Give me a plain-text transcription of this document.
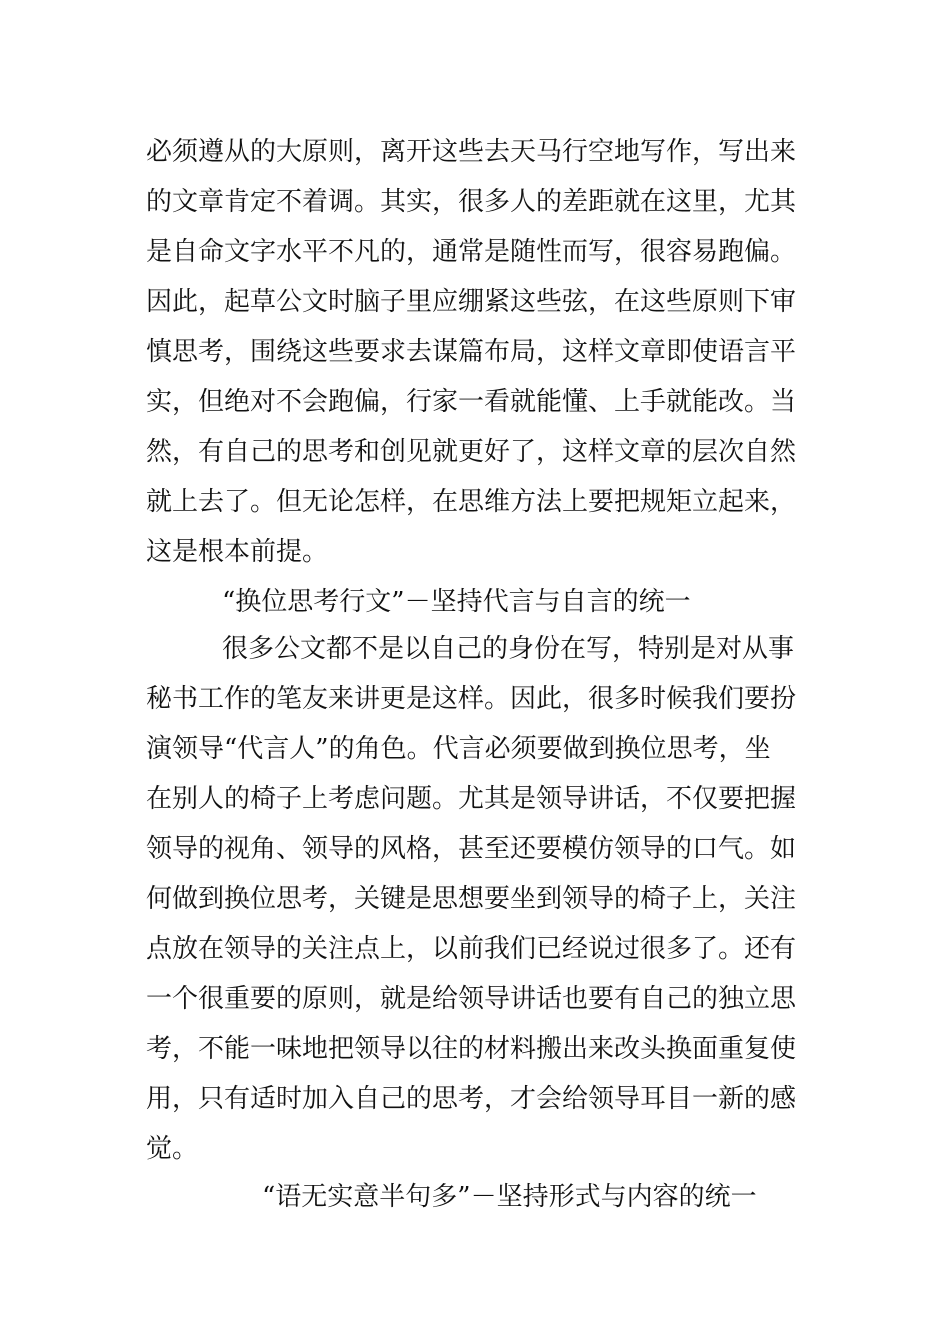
必须遵从的大原则，离开这些去天马行空地写作，写出来
的文章肯定不着调。其实，很多人的差距就在这里，尤其
是自命文字水平不凡的，通常是随性而写，很容易跑偏。
因此，起草公文时脑子里应绷紧这些弦，在这些原则下审
慎思考，围绕这些要求去谋篇布局，这样文章即使语言平
实，但绝对不会跑偏，行家一看就能懂、上手就能改。当
然，有自己的思考和创见就更好了，这样文章的层次自然
就上去了。但无论怎样，在思维方法上要把规矩立起来，
这是根本前提。
“换位思考行文”－坚持代言与自言的统一
很多公文都不是以自己的身份在写，特别是对从事
秘书工作的笔友来讲更是这样。因此，很多时候我们要扮
演领导“代言人”的角色。代言必须要做到换位思考，坐
在别人的椅子上考虑问题。尤其是领导讲话，不仅要把握
领导的视角、领导的风格，甚至还要模仿领导的口气。如
何做到换位思考，关键是思想要坐到领导的椅子上，关注
点放在领导的关注点上，以前我们已经说过很多了。还有
一个很重要的原则，就是给领导讲话也要有自己的独立思
考，不能一味地把领导以往的材料搬出来改头换面重复使
用，只有适时加入自己的思考，才会给领导耳目一新的感
觉。
“语无实意半句多”－坚持形式与内容的统一
